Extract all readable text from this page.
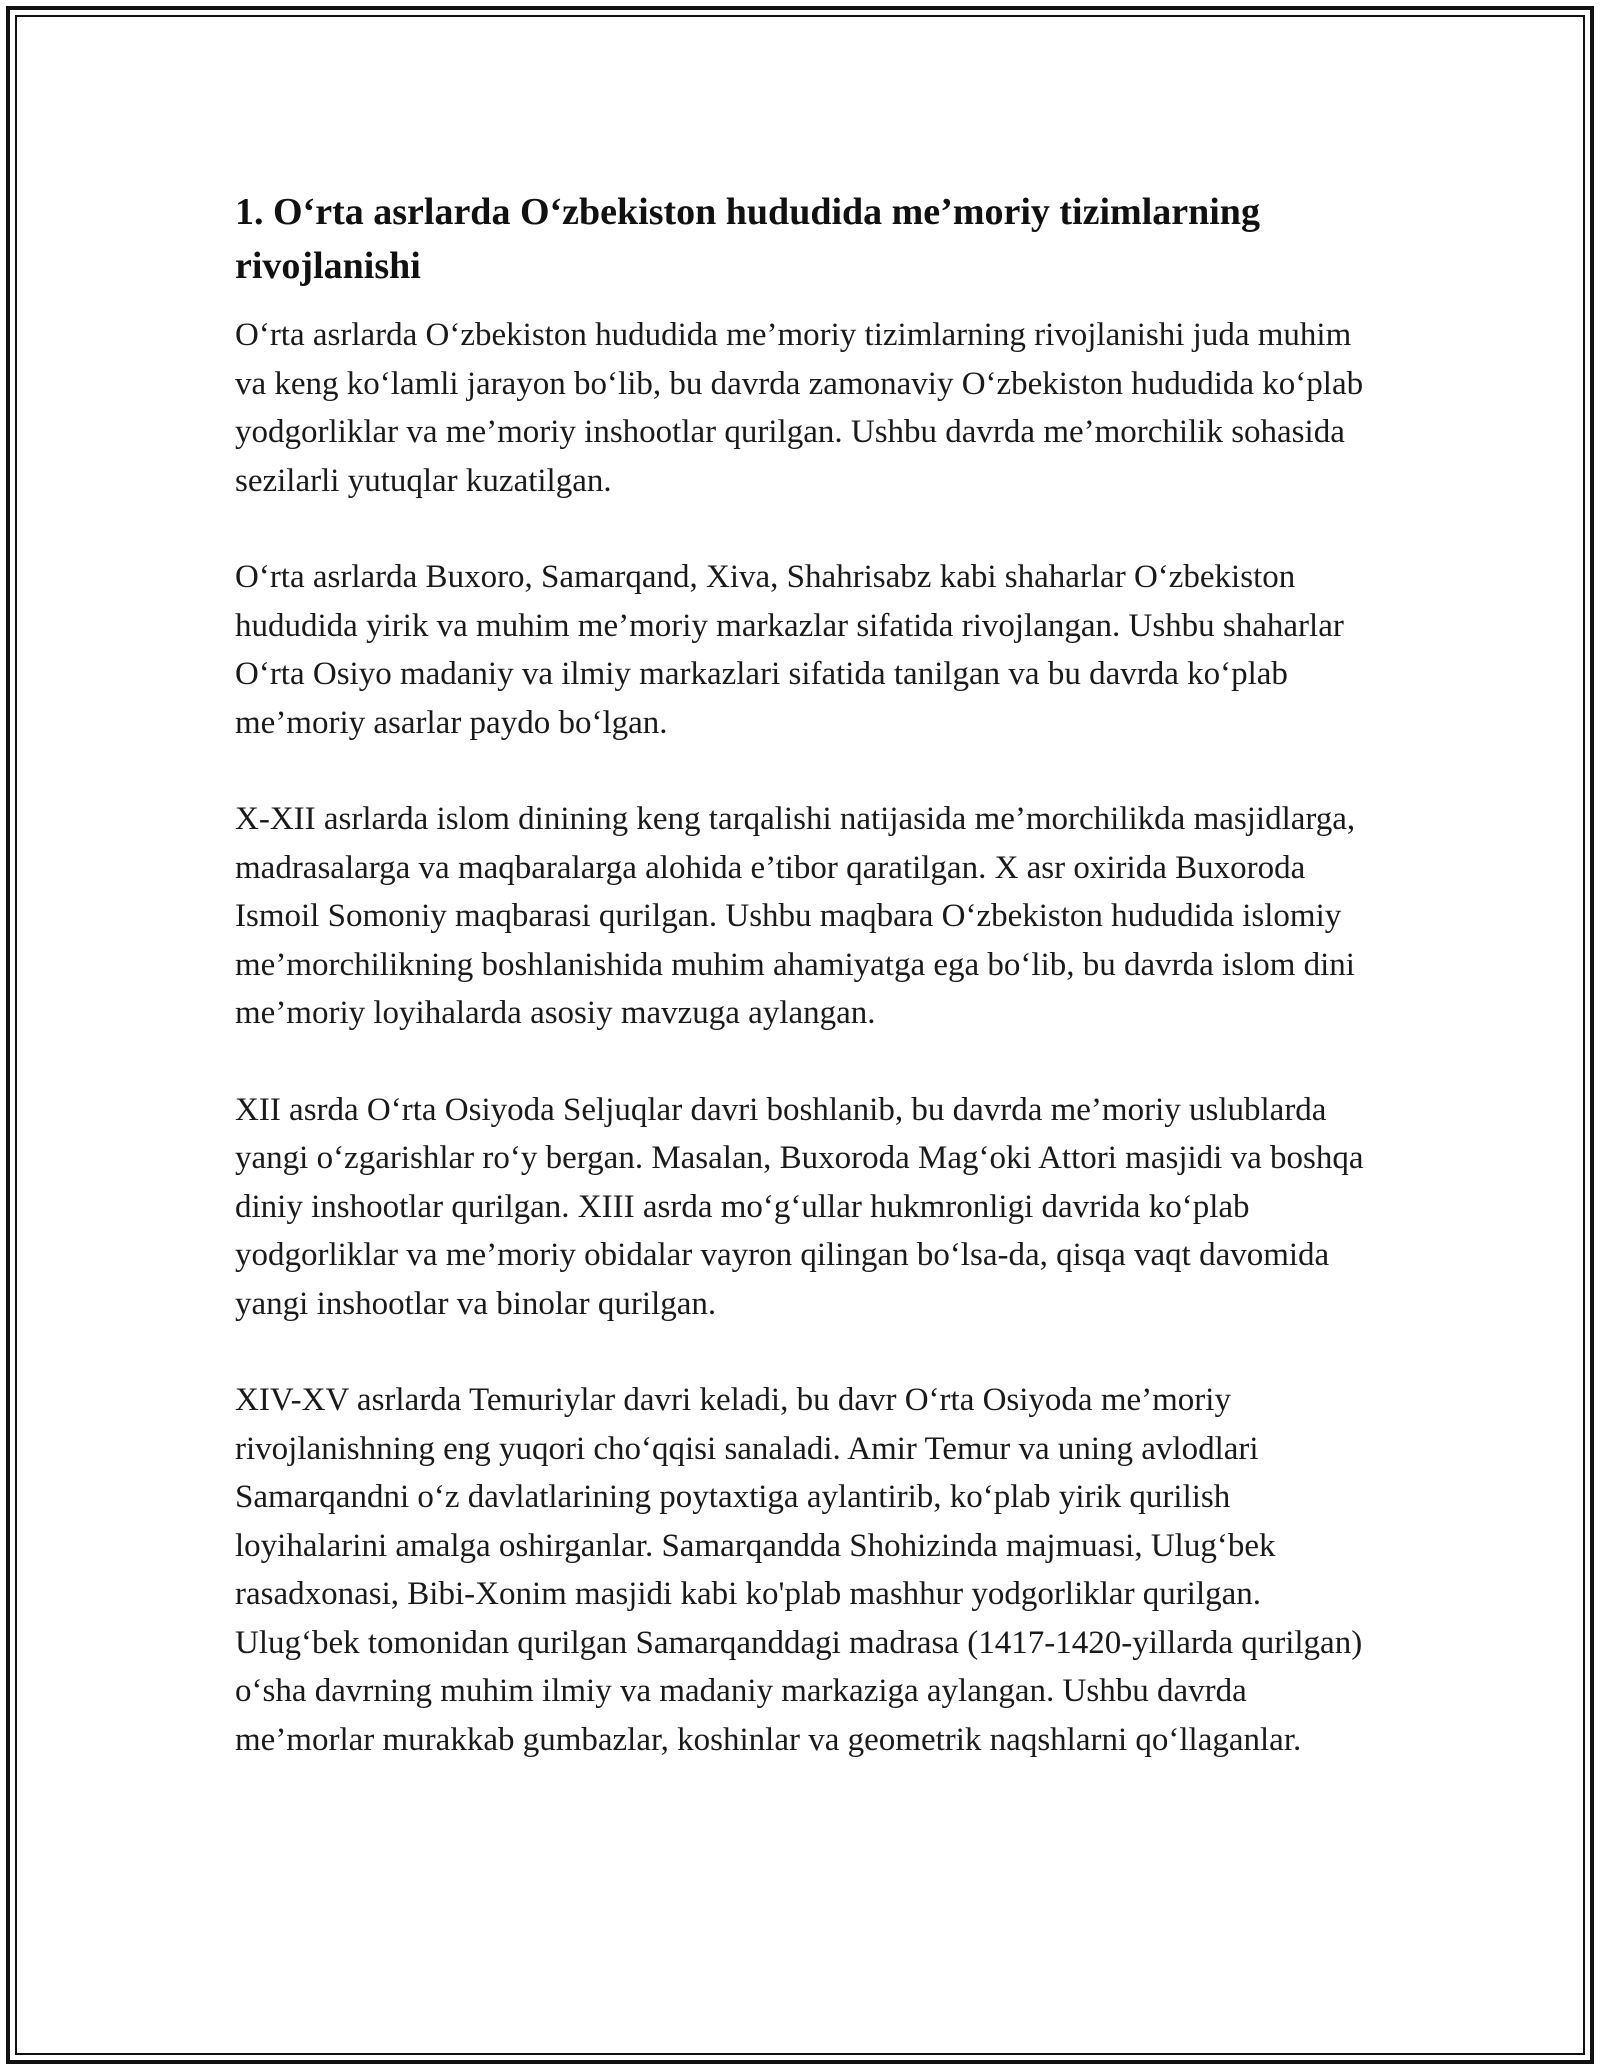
1. O‘rta asrlarda O‘zbekiston hududida me’moriy tizimlarning rivojlanishi

O‘rta asrlarda O‘zbekiston hududida me’moriy tizimlarning rivojlanishi juda muhim va keng ko‘lamli jarayon bo‘lib, bu davrda zamonaviy O‘zbekiston hududida ko‘plab yodgorliklar va me’moriy inshootlar qurilgan. Ushbu davrda me’morchilik sohasida sezilarli yutuqlar kuzatilgan.

O‘rta asrlarda Buxoro, Samarqand, Xiva, Shahrisabz kabi shaharlar O‘zbekiston hududida yirik va muhim me’moriy markazlar sifatida rivojlangan. Ushbu shaharlar O‘rta Osiyo madaniy va ilmiy markazlari sifatida tanilgan va bu davrda ko‘plab me’moriy asarlar paydo bo‘lgan.

X-XII asrlarda islom dinining keng tarqalishi natijasida me’morchilikda masjidlarga, madrasalarga va maqbaralarga alohida e’tibor qaratilgan. X asr oxirida Buxoroda Ismoil Somoniy maqbarasi qurilgan. Ushbu maqbara O‘zbekiston hududida islomiy me’morchilikning boshlanishida muhim ahamiyatga ega bo‘lib, bu davrda islom dini me’moriy loyihalarda asosiy mavzuga aylangan.

XII asrda O‘rta Osiyoda Seljuqlar davri boshlanib, bu davrda me’moriy uslublarda yangi o‘zgarishlar ro‘y bergan. Masalan, Buxoroda Mag‘oki Attori masjidi va boshqa diniy inshootlar qurilgan. XIII asrda mo‘g‘ullar hukmronligi davrida ko‘plab yodgorliklar va me’moriy obidalar vayron qilingan bo‘lsa-da, qisqa vaqt davomida yangi inshootlar va binolar qurilgan.

XIV-XV asrlarda Temuriylar davri keladi, bu davr O‘rta Osiyoda me’moriy rivojlanishning eng yuqori cho‘qqisi sanaladi. Amir Temur va uning avlodlari Samarqandni o‘z davlatlarining poytaxtiga aylantirib, ko‘plab yirik qurilish loyihalarini amalga oshirganlar. Samarqandda Shohizinda majmuasi, Ulug‘bek rasadxonasi, Bibi-Xonim masjidi kabi ko'plab mashhur yodgorliklar qurilgan. Ulug‘bek tomonidan qurilgan Samarqanddagi madrasa (1417-1420-yillarda qurilgan) o‘sha davrning muhim ilmiy va madaniy markaziga aylangan. Ushbu davrda me’morlar murakkab gumbazlar, koshinlar va geometrik naqshlarni qo‘llaganlar.
